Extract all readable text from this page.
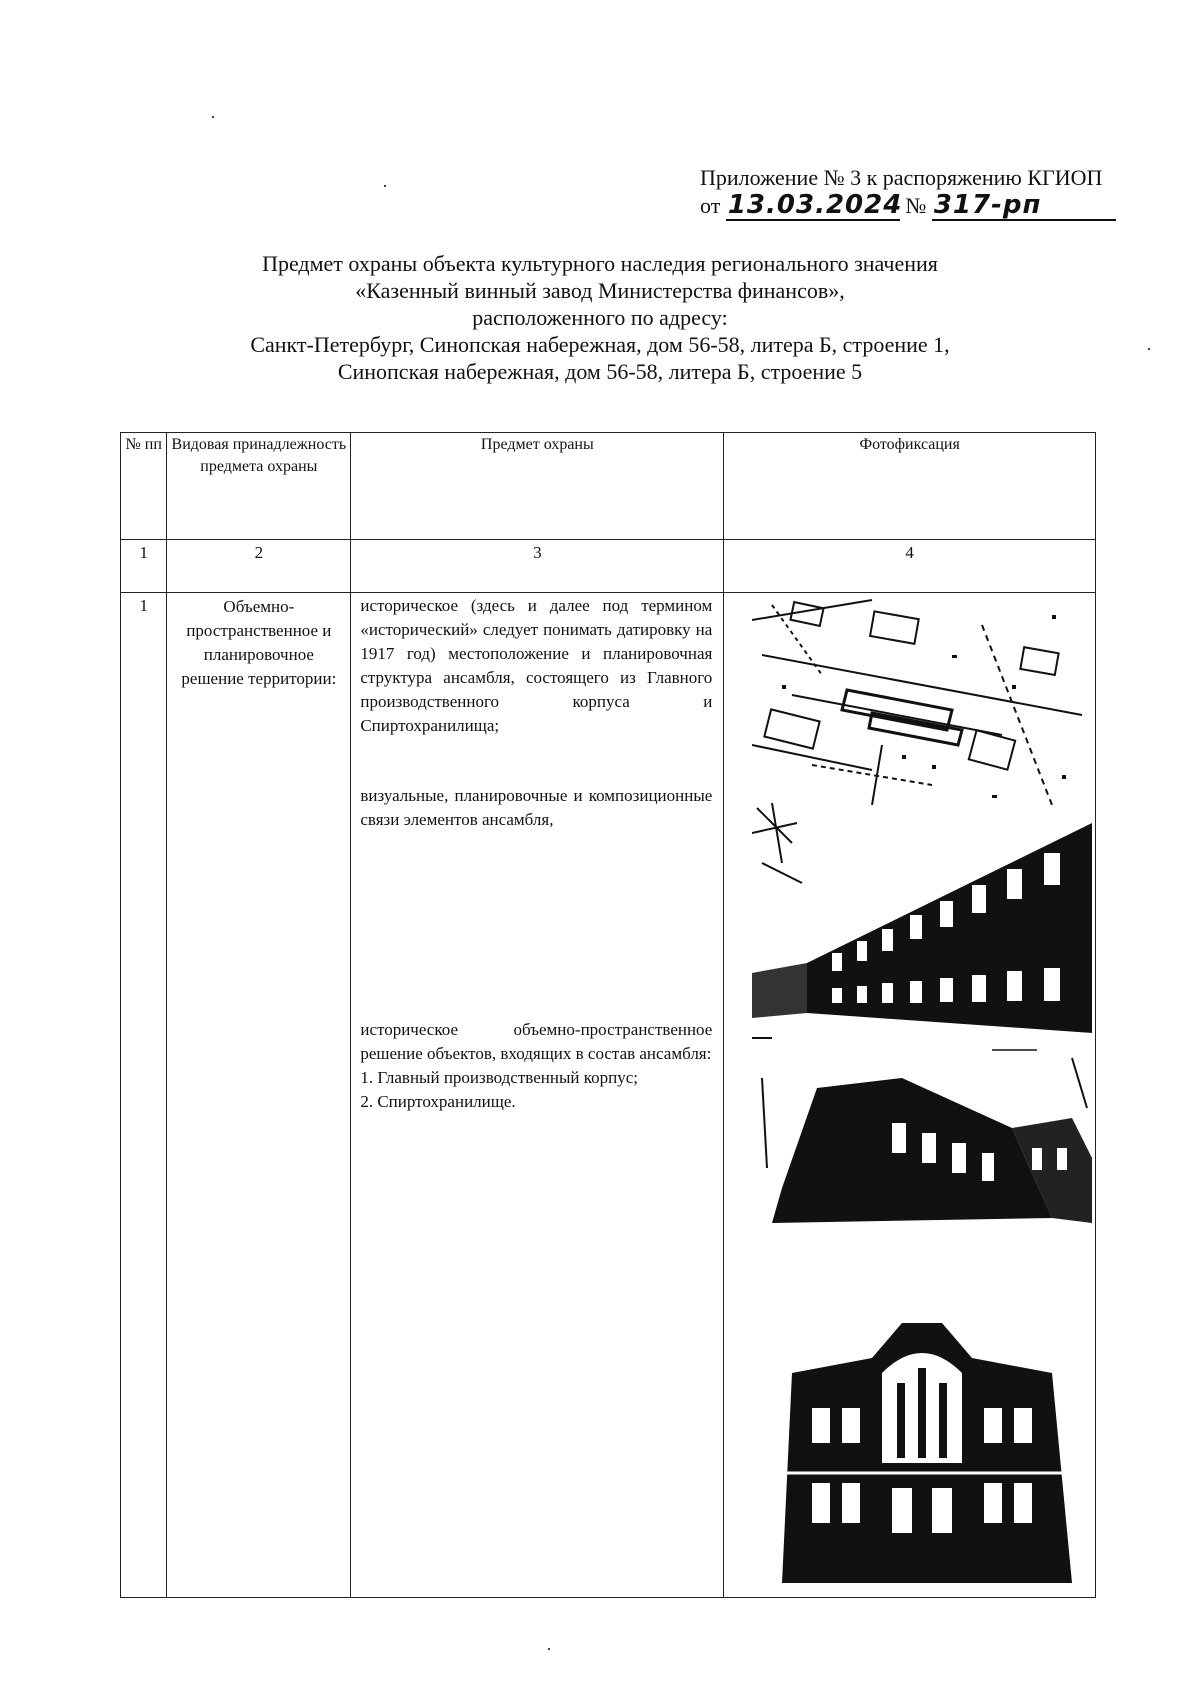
Приложение № 3 к распоряжению КГИОП
от 13.03.2024 № 317-рп
Предмет охраны объекта культурного наследия регионального значения
«Казенный винный завод Министерства финансов»,
расположенного по адресу:
Санкт-Петербург, Синопская набережная, дом 56-58, литера Б, строение 1,
Синопская набережная, дом 56-58, литера Б, строение 5
№ пп	Видовая принадлежность предмета охраны	Предмет охраны	Фотофиксация
1	2	3	4
1	Объемно-пространственное и планировочное решение территории:	историческое (здесь и далее под термином «исторический» следует понимать датировку на 1917 год) местоположение и планировочная структура ансамбля, состоящего из Главного производственного корпуса и Спиртохранилища;
визуальные, планировочные и композиционные связи элементов ансамбля,
историческое объемно-пространственное решение объектов, входящих в состав ансамбля:
1. Главный производственный корпус;
2. Спиртохранилище.
